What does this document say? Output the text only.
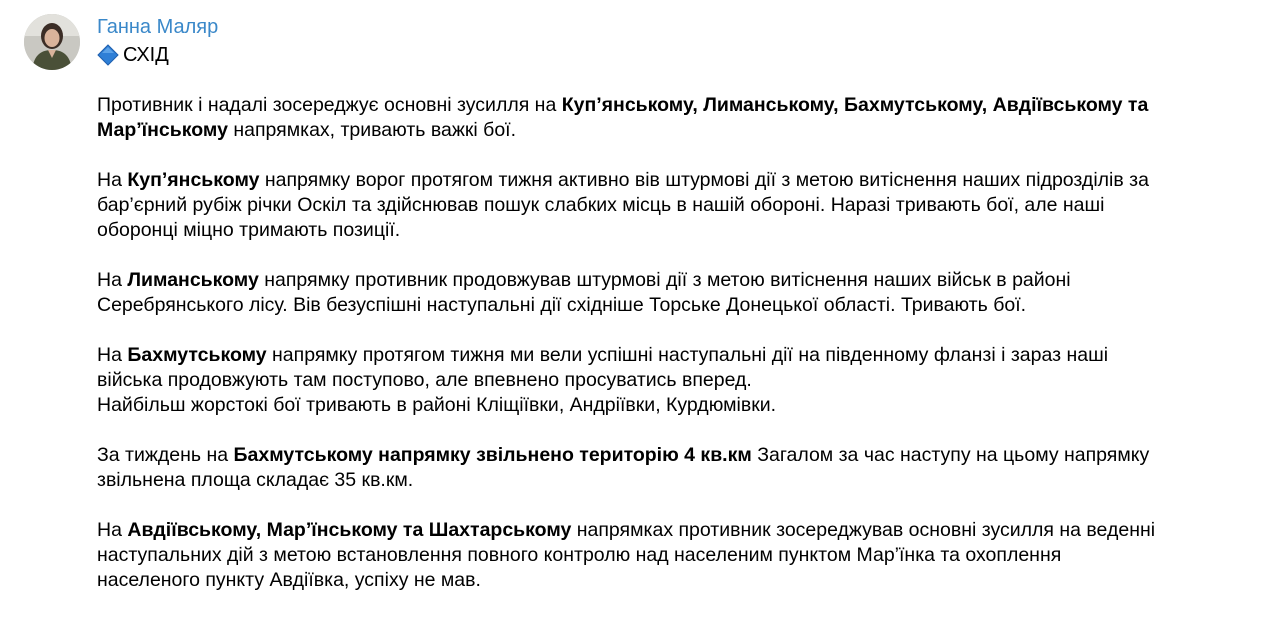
Ганна Маляр
СХІД

Противник і надалі зосереджує основні зусилля на Куп’янському, Лиманському, Бахмутському, Авдіївському та Мар’їнському напрямках, тривають важкі бої.

На Куп’янському напрямку ворог протягом тижня активно вів штурмові дії з метою витіснення наших підрозділів за бар’єрний рубіж річки Оскіл та здійснював пошук слабких місць в нашій обороні. Наразі тривають бої, але наші оборонці міцно тримають позиції.

На Лиманському напрямку противник продовжував штурмові дії з метою витіснення наших військ в районі Серебрянського лісу. Вів безуспішні наступальні дії східніше Торське Донецької області. Тривають бої.

На Бахмутському напрямку протягом тижня ми вели успішні наступальні дії на південному фланзі і зараз наші війська продовжують там поступово, але впевнено просуватись вперед.
Найбільш жорстокі бої тривають в районі Кліщіївки, Андріївки, Курдюмівки.

За тиждень на Бахмутському напрямку звільнено територію 4 кв.км Загалом за час наступу на цьому напрямку звільнена площа складає 35 кв.км.

На Авдіївському, Мар’їнському та Шахтарському напрямках противник зосереджував основні зусилля на веденні наступальних дій з метою встановлення повного контролю над населеним пунктом Мар’їнка та охоплення населеного пункту Авдіївка, успіху не мав.
